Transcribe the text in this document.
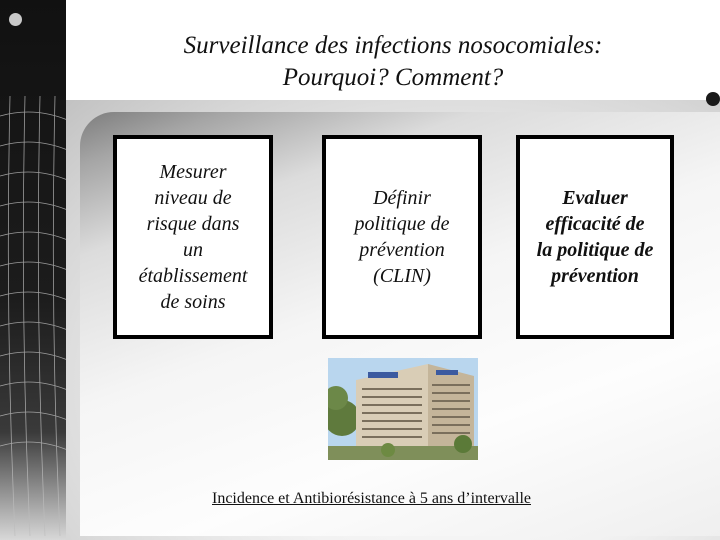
Surveillance des infections nosocomiales:
Pourquoi? Comment?
Mesurer
niveau de
risque dans
un
établissement
de soins
Définir
politique de
prévention
(CLIN)
Evaluer
efficacité de
la politique de
prévention
Incidence et Antibiorésistance à 5 ans d’intervalle
